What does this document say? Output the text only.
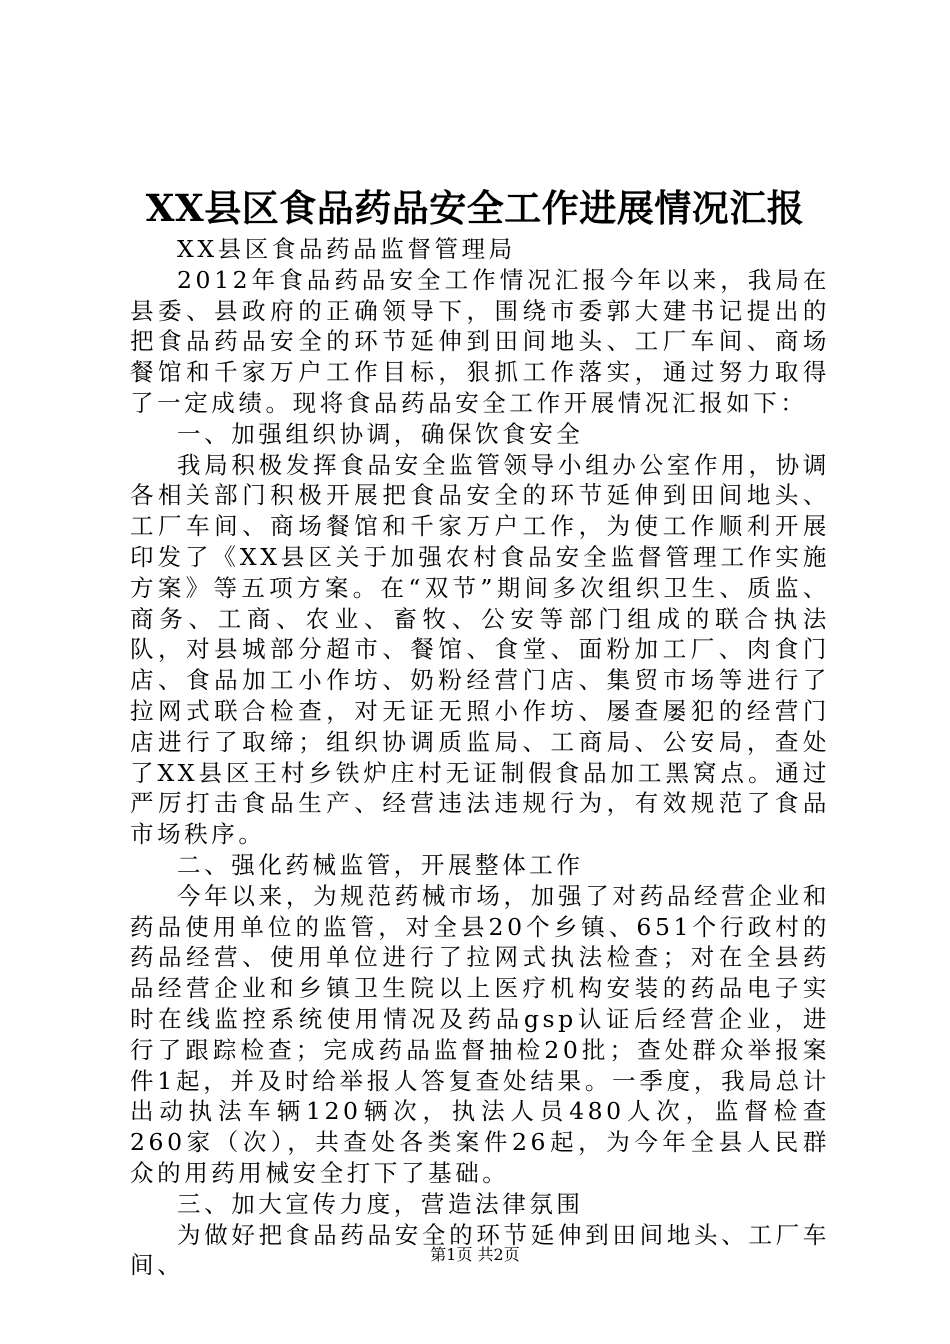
XX县区食品药品安全工作进展情况汇报

XX县区食品药品监督管理局

2012年食品药品安全工作情况汇报今年以来，我局在县委、县政府的正确领导下，围绕市委郭大建书记提出的把食品药品安全的环节延伸到田间地头、工厂车间、商场餐馆和千家万户工作目标，狠抓工作落实，通过努力取得了一定成绩。现将食品药品安全工作开展情况汇报如下：

一、加强组织协调，确保饮食安全

我局积极发挥食品安全监管领导小组办公室作用，协调各相关部门积极开展把食品安全的环节延伸到田间地头、工厂车间、商场餐馆和千家万户工作，为使工作顺利开展印发了《XX县区关于加强农村食品安全监督管理工作实施方案》等五项方案。在“双节”期间多次组织卫生、质监、商务、工商、农业、畜牧、公安等部门组成的联合执法队，对县城部分超市、餐馆、食堂、面粉加工厂、肉食门店、食品加工小作坊、奶粉经营门店、集贸市场等进行了拉网式联合检查，对无证无照小作坊、屡查屡犯的经营门店进行了取缔；组织协调质监局、工商局、公安局，查处了XX县区王村乡铁炉庄村无证制假食品加工黑窝点。通过严厉打击食品生产、经营违法违规行为，有效规范了食品市场秩序。

二、强化药械监管，开展整体工作

今年以来，为规范药械市场，加强了对药品经营企业和药品使用单位的监管，对全县20个乡镇、651个行政村的药品经营、使用单位进行了拉网式执法检查；对在全县药品经营企业和乡镇卫生院以上医疗机构安装的药品电子实时在线监控系统使用情况及药品gsp认证后经营企业，进行了跟踪检查；完成药品监督抽检20批；查处群众举报案件1起，并及时给举报人答复查处结果。一季度，我局总计出动执法车辆120辆次，执法人员480人次，监督检查260家（次），共查处各类案件26起，为今年全县人民群众的用药用械安全打下了基础。

三、加大宣传力度，营造法律氛围

为做好把食品药品安全的环节延伸到田间地头、工厂车间、	第1页 共2页
